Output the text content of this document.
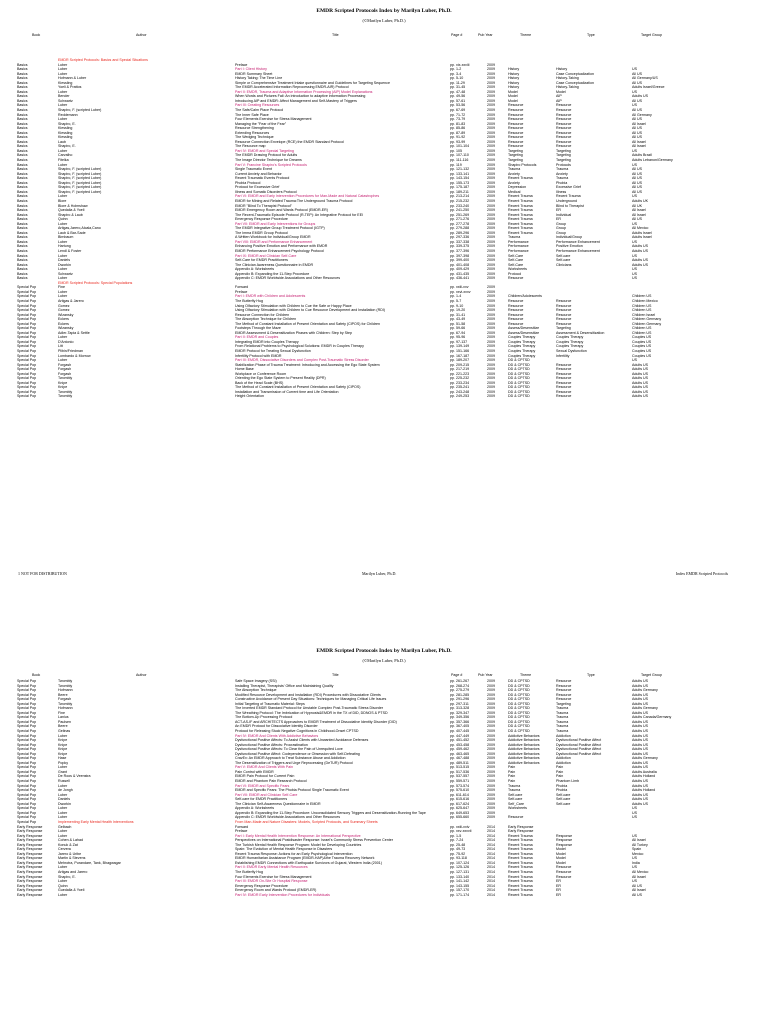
EMDR Scripted Protocols Index by Marilyn Luber, Ph.D.
(©Marilyn Luber, Ph.D.)
Book	Author	Title	Page #	Pub Year	Theme	Type	Target Group
EMDR Scripted Protocols: Basics and Special Situations
Basics	Luber	Preface	pp. xix-xxviii	2009
Basics	Luber	Part I: Client History	pp. 1-2	2009	History	History	US
Basics	Luber	EMDR Summary Sheet	pp. 3-4	2009	History	Case Conceptualization	All US
Basics	Hofmann & Luber	History Taking: The Time Line	pp. 5-10	2009	History	History-Taking	All Germany/US
Basics	Kiessling	Simple or Comprehensive Treatment Intake questionnaire and Guidelines for Targeting Sequence	pp. 11-29	2009	History	Case Conceptualization	All US
Basics	Yoeli & Prattos	The EMDR Accelerated Information Reprocessing EMDR-AIR) Protocol	pp. 31-45	2009	History	History-Taking	Adults Israel/Greece
Basics	Luber	Part II: EMDR, Trauma and Adaptive Information Processing (AIP) Model Explanations	pp. 47-48	2009	Model	Model	US
Basics	Bender	When Words and Pictures Fail: An introduction to adaptive information Processing	pp. 49-56	2009	Model	AIP	Adults US
Basics	Schwartz	Introducing AIP and EMDR: Affect Management and Self-Mastery of Triggers	pp. 57-61	2009	Model	AIP	All US
Basics	Luber	Part III: Creating Resources	pp. 53-56	2009	Resource	Resource	US
Basics	Shapiro, F. (scripted Luber)	The Safe/Calm Place Protocol	pp. 67-69	2009	Resource	Resource	All US
Basics	Reddemann	The Inner Safe Place	pp. 71-72	2009	Resource	Resource	All Germany
Basics	Luber	Four Elements Exercise for Stress Management	pp. 73-79	2009	Resource	Resource	All US
Basics	Shapiro, E.	Managing the "Fear of the Fear"	pp. 81-83	2009	Resource	Resource	All Israel
Basics	Kiessling	Resource Strengthening	pp. 85-86	2009	Resource	Resource	All US
Basics	Kiessling	Extending Resources	pp. 87-89	2009	Resource	Resource	All US
Basics	Kiessling	The Wedging Technique	pp. 91-92	2009	Resource	Resource	All US
Basics	Laub	Resource Connection Envelope (RCE) the EMDR Standard Protocol	pp. 93-99	2009	Resource	Resource	All Israel
Basics	Shapiro, E.	The Resource map	pp. 101-104	2009	Resource	Resource	All Israel
Basics	Luber	Part IV: EMDR and Special Targeting	pp. 105	2009	Targeting	Targeting	US
Basics	Carvalho	The EMDR Drawing Protocol for Adults	pp. 107-110	2009	Targeting	Targeting	Adults Brazil
Basics	Fitelka	The Image Director Technique for Dreams	pp. 111-116	2009	Targeting	Targeting	Adults Lebanon/Germany
Basics	Luber	Part V: Francine Shapiro's Scripted Protocols	pp. 119	2009	Shapiro Protocols	Protocols	US
Basics	Shapiro, F. (scripted Luber)	Single Traumatic Event	pp. 121-132	2009	Trauma	Trauma	All US
Basics	Shapiro, F. (scripted Luber)	Current Anxiety and Behavior	pp. 133-141	2009	Anxiety	Anxiety	All US
Basics	Shapiro, F. (scripted Luber)	Recent Traumatic Events Protocol	pp. 143-154	2009	Recent Trauma	Trauma	All US
Basics	Shapiro, F. (scripted Luber)	Phobia Protocol	pp. 155-173	2009	Anxiety	Phobia	All US
Basics	Shapiro, F. (scripted Luber)	Protocol for Excessive Grief	pp. 175-187	2009	Depression	Excessive Grief	All US
Basics	Shapiro, F. (scripted Luber)	Illness and Somatic Disorders Protocol	pp. 189-211	2009	Medical	Illness	All US
Basics	Luber	Part VI: EMDR and Early Intervention Procedures for Man-Made and Natural Catastrophes	pp. 213-214	2009	Recent Trauma	Recent Trauma	US
Basics	Blore	EMDR for Mining and Related Trauma:The Underground Trauma Protocol	pp. 215-232	2009	Recent Trauma	Underground	Adults UK
Basics	Blore & Holmshaw	EMDR "Blind To Therapist Protocol"	pp. 233-240	2009	Recent Trauma	Blind to Therapist	All UK
Basics	Quedalia & Yoeli	EMDR Emergency Room and Wards Protocol (EMDR-ER)	pp. 241-250	2009	Recent Trauma	ER	All Israel
Basics	Shapiro & Laub	The Recent-Traumatic Episode Protocol (R-TEP): An Integrative Protocol for EEI	pp. 251-269	2009	Recent Trauma	Individual	All Israel
Basics	Quinn	Emergency Response Procedure	pp. 271-276	2009	Recent Trauma	ER	All US
Basics	Luber	Part VII: EMDR and Early Interventions for Groups	pp. 277-278	2009	Recent Trauma	Group	US
Basics	Artigas,Jarero,Alcala,Cano	The EMDR Integrative Group Treatment Protocol (IGTP)	pp. 279-288	2009	Recent Trauma	Group	All Mexico
Basics	Laub & Bar-Sade	The Imma EMDR Group Protocol	pp. 289-296	2009	Recent Trauma	Group	Adults Israel
Basics	Birnbaum	A Written Workbook for Individual/Group EMDR	pp. 297-336	2009	Trauma	Individual/Group	Adults Israel
Basics	Luber	Part VIII: EMDR and Performance Enhancement	pp. 337-338	2009	Performance	Performance Enhancement	US
Basics	Hartung	Enhancing Positive Emotion and Performance with EMDR	pp. 339-375	2009	Performance	Positive Emotion	Adults US
Basics	Lendl & Foster	EMDR Performance Enhancement Psychology Protocol	pp. 377-396	2009	Performance	Performance Enhancement	Adults US
Basics	Luber	Part IX: EMDR and Clinician Self-Care	pp. 397-398	2009	Self-Care	Self-care	US
Basics	Daniels	Self-Care for EMDR Practitioners	pp. 399-400	2009	Self-Care	Self-care	Adults US
Basics	Dworkin	The Clinician Awareness Questionnaire in EMDR	pp. 401-408	2009	Self-Care	Clinicians	Adults US
Basics	Luber	Appendix A: Worksheets	pp. 409-429	2009	Worksheets	US
Basics	Schwartz	Appendix B: Expanding the 11-Step Procedure	pp. 431-435	2009	Protocol	US
Basics	Luber	Appendix C: EMDR Worldwide Associations and Other Resources	pp. 436-441	2009	Resource	US
EMDR Scripted Protocols: Special Populations
Special Pop	Fine	Forward	pp. xxiii-xxv	2009
Special Pop	Luber	Preface	pp. xxvi-xxxv	2009
Special Pop	Luber	Part I: EMDR with Children and Adolescents	pp. 1-4	2009	Children/Adolescents	Children US
Special Pop	Artigas & Jarero	The Butterfly Hug	pp. 5-7	2009	Resource	Resource	Children Mexico
Special Pop	Gomez	Using Olfactory Stimulation with Children to Cue the Safe or Happy Place	pp. 9-10	2009	Resource	Resource	Children US
Special Pop	Gomez	Using Olfactory Stimulation with Children to Cue Resource Development and Installation (RDI)	pp. 19-20	2009	Resource	Resource	Children US
Special Pop	Wizansky	Resource Connection for Children	pp. 31-41	2009	Resource	Resource	Children Israel
Special Pop	Eckers	The Absorption Technique for Children	pp. 43-49	2009	Resource	Resource	Children Germany
Special Pop	Eckers	The Method of Constant Installation of Present Orientation and Safety (CIPOS) for Children	pp. 51-58	2009	Resource	Resource	Children Germany
Special Pop	Wizansky	Footsteps Through the Maze	pp. 59-66	2009	Assess/Desensitize	Targeting	Children US
Special Pop	Adler-Tapia & Settle	EMDR Assessment & Desensitization Phases with Children: Step by Step	pp. 67-94	2009	Assess/Desensitize	Assessment & Desensitization	Children US
Special Pop	Luber	Part II: EMDR and Couples	pp. 95-96	2009	Couples Therapy	Couples Therapy	Couples US
Special Pop	D'Antonio	Integrating EMDR into Couples Therapy	pp. 97-137	2009	Couples Therapy	Couples Therapy	Couples US
Special Pop	Litt	From Relational Problems to Psychological Solutions: EMDR in Couples Therapy	pp. 139-149	2009	Couples Therapy	Couples Therapy	Couples US
Special Pop	Plibin/Friedman	EMDR Protocol for Treating Sexual Dysfunction	pp. 151-166	2009	Couples Therapy	Sexual Dysfunction	Couples US
Special Pop	Lombardo & Morrow	Infertility Protocol with EMDR	pp. 167-187	2009	Couples Therapy	Infertility	Couples US
Special Pop	Luber	Part III: EMDR, Dissociative Disorders and Complex Post-Traumatic Stress Disorder	pp. 189-207	2009	DD & CPTSD	US
Special Pop	Forgash	Stabilization Phase of Trauma Treatment: Introducing and Accessing the Ego State System	pp. 209-215	2009	DD & CPTSD	Resource	Adults US
Special Pop	Forgash	Home Base	pp. 217-219	2009	DD & CPTSD	Resource	Adults US
Special Pop	Forgash	Workplace or Conference Room	pp. 221-223	2009	DD & CPTSD	Resource	Adults US
Special Pop	Twombly	Orienting the Ego State System to Present Reality (DPR)	pp. 225-232	2009	DD & CPTSD	Resource	Adults US
Special Pop	Knipe	Back of the Head Scale (BHS)	pp. 233-234	2009	DD & CPTSD	Resource	Adults US
Special Pop	Knipe	The Method of Constant Installation of Present Orientation and Safety (CIPOS)	pp. 235-241	2009	DD & CPTSD	Resource	Adults US
Special Pop	Twombly	Installation and Transmission of Current time and Life Orientation	pp. 243-248	2009	DD & CPTSD	Resource	Adults US
Special Pop	Twombly	Height Orientation	pp. 249-253	2009	DD & CPTSD	Resource	Adults US
1 NOT FOR DISTRIBUTION	Marilyn Luber, Ph.D.	Index EMDR Scripted Protocols
EMDR Scripted Protocols Index by Marilyn Luber, Ph.D.
(©Marilyn Luber, Ph.D.)
Book	Author	Title	Page #	Pub Year	Theme	Type	Target Group
Special Pop	Twombly	Safe Space Imagery (SSI)	pp. 261-267	2009	DD & CPTSD	Resource	Adults US
Special Pop	Twombly	Installing Therapist, Therapists' Office and Maintaining Quality	pp. 268-274	2009	DD & CPTSD	Resource	Adults US
Special Pop	Hofmann	The Absorption Technique	pp. 275-279	2009	DD & CPTSD	Resource	Adults Germany
Special Pop	Beere	Modified Resource Development and Installation (RDI) Procedures with Dissociative Clients	pp. 281-285	2009	DD & CPTSD	Resource	Adults US
Special Pop	Forgash	Constructive Avoidance of Present Day Situations: Techniques for Managing Critical Life Issues	pp. 291-296	2009	DD & CPTSD	Resource	Adults US
Special Pop	Twombly	Initial Targeting of Traumatic Material: Steps	pp. 297-311	2009	DD & CPTSD	Targeting	Adults US
Special Pop	Hofmann	The Inverted EMDR Standard Protocol for Unstable Complex Post-Traumatic Stress Disorder	pp. 313-328	2009	DD & CPTSD	Trauma	Adults Germany
Special Pop	Fine	The Wreathing Protocol: The Imbrication of Hypnosis&EMDR in the TX of DID, DDNOS & PTSD	pp. 329-347	2009	DD & CPTSD	Trauma	Adults US
Special Pop	Lanius	The Bottom-Up Processing Protocol	pp. 349-356	2009	DD & CPTSD	Trauma	Adults Canada/Germany
Special Pop	Paulsen	ACT-AS-IF and ARCHITECTS Approaches to EMDR Treatment of Dissociative Identity Disorder (DID)	pp. 357-366	2009	DD & CPTSD	Trauma	Adults US
Special Pop	Beere	An EMDR Protocol for Dissociative Identity Disorder	pp. 367-405	2009	DD & CPTSD	Trauma	Adults US
Special Pop	Gelinas	Protocol for Releasing Stuck Negative Cognitions in Childhood-Onset CPTSD	pp. 407-445	2009	DD & CPTSD	Trauma	Adults US
Special Pop	Luber	Part IV: EMDR And Clients With Addictive Behaviors	pp. 447-449	2009	Addictive Behaviors	Addiction	Adults US
Special Pop	Knipe	Dysfunctional Positive Affects: To Assist Clients with Unwanted Avoidance Defenses	pp. 451-452	2009	Addictive Behaviors	Dysfunctional Positive Affect	Adults US
Special Pop	Knipe	Dysfunctional Positive Affects: Procrastination	pp. 453-458	2009	Addictive Behaviors	Dysfunctional Positive Affect	Adults US
Special Pop	Knipe	Dysfunctional Positive Affects: To Clear the Pain of Unrequited Love	pp. 459-462	2009	Addictive Behaviors	Dysfunctional Positive Affect	Adults US
Special Pop	Knipe	Dysfunctional Positive Affect: Codependence or Obsession with Self-Defeating	pp. 463-465	2009	Addictive Behaviors	Dysfunctional Positive Affect	Adults US
Special Pop	Hase	CravEx: An EMDR Approach to Treat Substance Abuse and Addiction	pp. 467-488	2009	Addictive Behaviors	Addiction	Adults Germany
Special Pop	Popky	The Desensitization of Triggers and Urge Reprocessing (DeTUR) Protocol	pp. 489-511	2009	Addictive Behaviors	Addiction	Adults US
Special Pop	Luber	Part V: EMDR And Clients With Pain	pp. 513-515	2009	Pain	Pain	Adults US
Special Pop	Grant	Pain Control with EMDR	pp. 517-536	2009	Pain	Pain	Adults Australia
Special Pop	De Roos & Veenstra	EMDR Pain Protocol for Current Pain	pp. 537-557	2009	Pain	Pain	Adults Holland
Special Pop	Russell	EMDR and Phantom Pain Research Protocol	pp. 559-571	2009	Pain	Phantom Limb	Adults US
Special Pop	Luber	Part VI: EMDR and Specific Fears	pp. 573-574	2009	Trauma	Phobia	Adults US
Special Pop	de Jongh	EMDR and Specific Fears: The Phobia Protocol Single Traumatic Event	pp. 575-610	2009	Trauma	Phobia	Adults Holland
Special Pop	Luber	Part VII: EMDR and Clinician Self-Care	pp. 611-614	2009	Self-care	Self-care	Adults US
Special Pop	Daniels	Self-care for EMDR Practitioners	pp. 615-616	2009	Self-care	Self-care	Adults US
Special Pop	Dworkin	The Clinician Self-Awareness Questionnaire in EMDR	pp. 617-624	2009	Self_Care	Self-care	Adults US
Special Pop	Luber	Appendix A: Worksheets	pp. 625-647	2009	Worksheets	US
Special Pop	Luber	Appendix B: Expanding the 11-Step Procedure: Unconsolidated Sensory Triggers and Desensitization-Running the Tape	pp. 649-653	2009	US
Special Pop	Luber	Appendix C: EMDR Worldwide Associations and Other Resources	pp. 655-660	2009	Resource	US
Special Pop	Implementing Early Mental Health Interventions	From Man-Made and Nature Disasters: Models, Scripted Protocols, and Summary Sheets
Early Response	Gelbach	Forward	pp. xxiii-xxiv	2014	Early Response
Early Response	Luber	Preface	pp. xxv-xxxvii	2014	Early Response
Early Response	Luber	Part I: Early Mental Health Intervention Response: An International Perspective	pp. 1-5	2014	Recent Trauma	Response	US
Early Response	Cohen & Lahad	Perspectives on International Postdisaster Response: Israel's Community Stress Prevention Center	pp. 7-24	2014	Recent Trauma	Response	All Israel
Early Response	Konuk & Zat	The Turkish Mental Health Response Program: Model for Developing Countries	pp. 25-48	2014	Recent Trauma	Response	All Turkey
Early Response	Cervera	Spain: The Evolution of Mental Health Response in Disasters	pp. 49-73	2014	Recent Trauma	Model	Spain
Early Response	Jarero & Uribe	Recent Trauma Response: Actions for an Early Psychological Intervention	pp. 75-92	2014	Recent Trauma	Model	Mexico
Early Response	Martin & Stevens	EMDR Humanitarian Assistance Program (EMDR-HAP)&the Trauma Recovery Network	pp. 93-118	2014	Recent Trauma	Model	US
Early Response	Mehrotra, Purandare, Tank, Bhagwagar	Establishing EMDR Connections with Earthquake Survivors of Gujarat, Western India (2001)	pp. 107-124	2014	Recent Trauma	Model	India
Early Response	Luber	Part II: EMDR Early Mental Health Resources	pp. 125-126	2014	Recent Trauma	Resource	US
Early Response	Artigas and Jarero	The Butterfly Hug	pp. 127-131	2014	Recent Trauma	Resource	All Mexico
Early Response	Shapiro, E.	Four Elements Exercise for Stress Management	pp. 133-140	2014	Recent Trauma	Resource	All Israel
Early Response	Luber	Part III: EMDR On-Site Or Hospital Response	pp. 141-142	2014	Recent Trauma	ER	US
Early Response	Quinn	Emergency Response Procedure	pp. 143-155	2014	Recent Trauma	ER	All US
Early Response	Guedalla & Yoeli	Emergency Room and Wards Protocol (EMDR-ER)	pp. 157-170	2014	Recent Trauma	ER	All Israel
Early Response	Luber	Part IV: EMDR Early Intervention Procedures for Individuals	pp. 171-174	2014	Recent Trauma	ER	All US
